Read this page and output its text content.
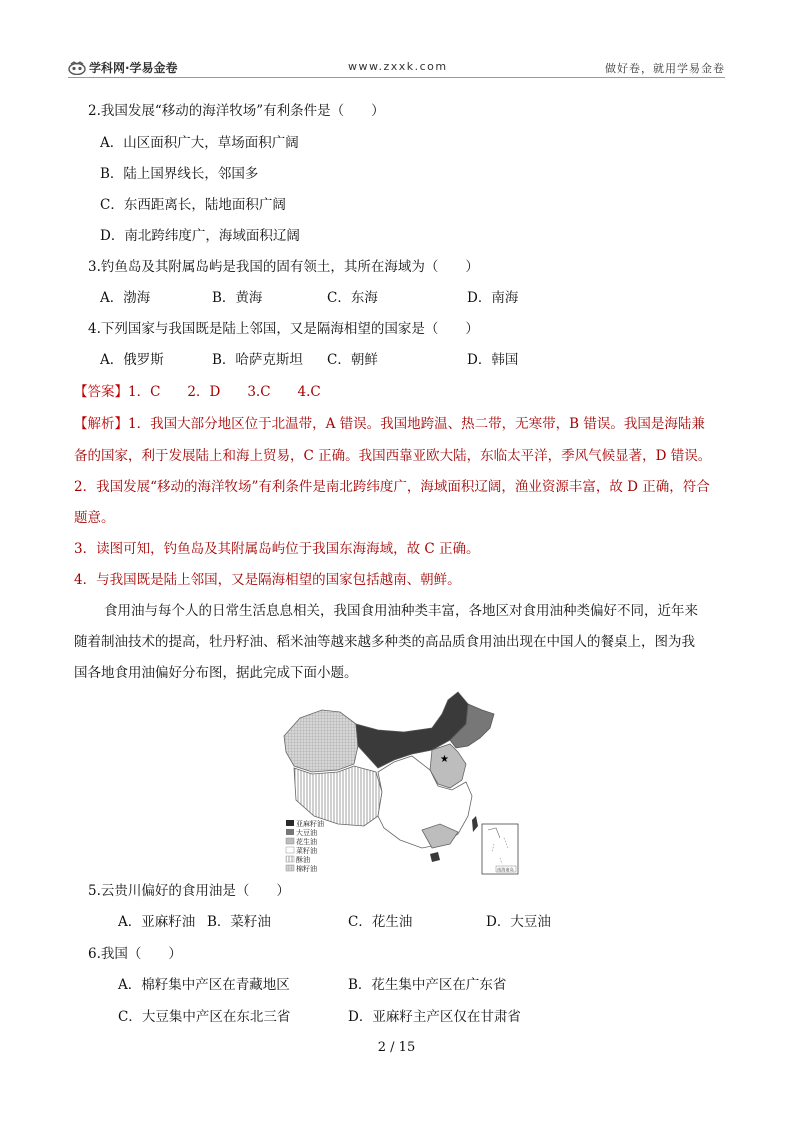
学科网·学易金卷	www.zxxk.com	做好卷，就用学易金卷
2.我国发展“移动的海洋牧场”有利条件是（　　）
A．山区面积广大，草场面积广阔
B．陆上国界线长，邻国多
C．东西距离长，陆地面积广阔
D．南北跨纬度广，海域面积辽阔
3.钓鱼岛及其附属岛屿是我国的固有领土，其所在海域为（　　）
A．渤海	B．黄海	C．东海	D．南海
4.下列国家与我国既是陆上邻国，又是隔海相望的国家是（　　）
A．俄罗斯	B．哈萨克斯坦 C．朝鲜	D．韩国
【答案】1．C　　2．D　　3.C　　4.C
【解析】1．我国大部分地区位于北温带，A 错误。我国地跨温、热二带，无寒带，B 错误。我国是海陆兼
备的国家，利于发展陆上和海上贸易，C 正确。我国西靠亚欧大陆，东临太平洋，季风气候显著，D 错误。
2．我国发展“移动的海洋牧场”有利条件是南北跨纬度广，海域面积辽阔，渔业资源丰富，故 D 正确，符合
题意。
3．读图可知，钓鱼岛及其附属岛屿位于我国东海海域，故 C 正确。
4．与我国既是陆上邻国，又是隔海相望的国家包括越南、朝鲜。
食用油与每个人的日常生活息息相关，我国食用油种类丰富，各地区对食用油种类偏好不同，近年来
随着制油技术的提高，牡丹籽油、稻米油等越来越多种类的高品质食用油出现在中国人的餐桌上，图为我
国各地食用油偏好分布图，据此完成下面小题。
★
亚麻籽油
大豆油
花生油
菜籽油
酥油
棉籽油	南海诸岛
5.云贵川偏好的食用油是（　　）
A．亚麻籽油 B．菜籽油	C．花生油	D．大豆油
6.我国（　　）
A．棉籽集中产区在青藏地区	B．花生集中产区在广东省
C．大豆集中产区在东北三省	D．亚麻籽主产区仅在甘肃省
2 / 15
